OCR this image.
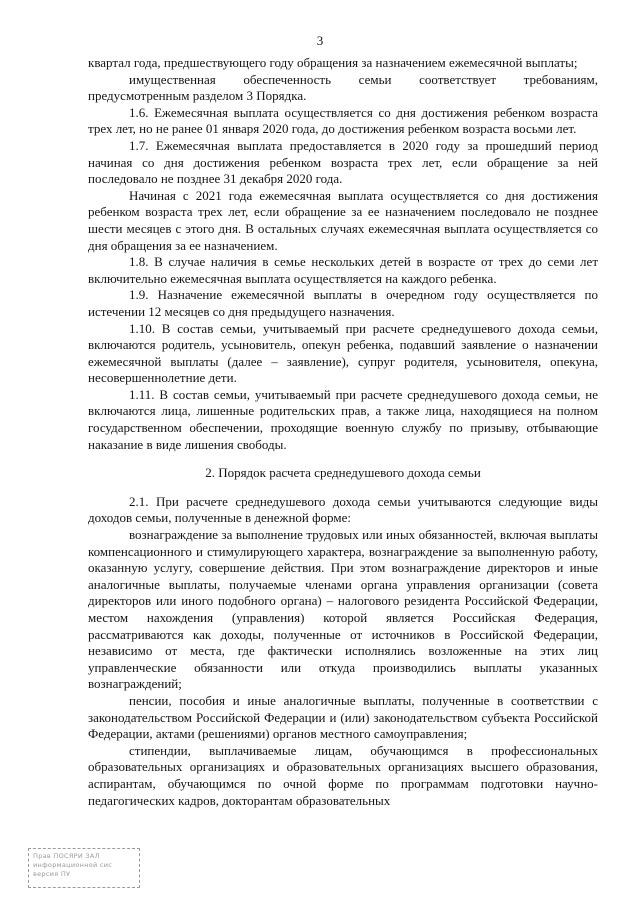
3

квартал года, предшествующего году обращения за назначением ежемесячной выплаты;

имущественная обеспеченность семьи соответствует требованиям, предусмотренным разделом 3 Порядка.

1.6. Ежемесячная выплата осуществляется со дня достижения ребенком возраста трех лет, но не ранее 01 января 2020 года, до достижения ребенком возраста восьми лет.

1.7. Ежемесячная выплата предоставляется в 2020 году за прошедший период начиная со дня достижения ребенком возраста трех лет, если обращение за ней последовало не позднее 31 декабря 2020 года.

Начиная с 2021 года ежемесячная выплата осуществляется со дня достижения ребенком возраста трех лет, если обращение за ее назначением последовало не позднее шести месяцев с этого дня. В остальных случаях ежемесячная выплата осуществляется со дня обращения за ее назначением.

1.8. В случае наличия в семье нескольких детей в возрасте от трех до семи лет включительно ежемесячная выплата осуществляется на каждого ребенка.

1.9. Назначение ежемесячной выплаты в очередном году осуществляется по истечении 12 месяцев со дня предыдущего назначения.

1.10. В состав семьи, учитываемый при расчете среднедушевого дохода семьи, включаются родитель, усыновитель, опекун ребенка, подавший заявление о назначении ежемесячной выплаты (далее – заявление), супруг родителя, усыновителя, опекуна, несовершеннолетние дети.

1.11. В состав семьи, учитываемый при расчете среднедушевого дохода семьи, не включаются лица, лишенные родительских прав, а также лица, находящиеся на полном государственном обеспечении, проходящие военную службу по призыву, отбывающие наказание в виде лишения свободы.

2. Порядок расчета среднедушевого дохода семьи

2.1. При расчете среднедушевого дохода семьи учитываются следующие виды доходов семьи, полученные в денежной форме:

вознаграждение за выполнение трудовых или иных обязанностей, включая выплаты компенсационного и стимулирующего характера, вознаграждение за выполненную работу, оказанную услугу, совершение действия. При этом вознаграждение директоров и иные аналогичные выплаты, получаемые членами органа управления организации (совета директоров или иного подобного органа) – налогового резидента Российской Федерации, местом нахождения (управления) которой является Российская Федерация, рассматриваются как доходы, полученные от источников в Российской Федерации, независимо от места, где фактически исполнялись возложенные на этих лиц управленческие обязанности или откуда производились выплаты указанных вознаграждений;

пенсии, пособия и иные аналогичные выплаты, полученные в соответствии с законодательством Российской Федерации и (или) законодательством субъекта Российской Федерации, актами (решениями) органов местного самоуправления;

стипендии, выплачиваемые лицам, обучающимся в профессиональных образовательных организациях и образовательных организациях высшего образования, аспирантам, обучающимся по очной форме по программам подготовки научно-педагогических кадров, докторантам образовательных

Прав ПОСЯРИ ЗАЛ
информационной сис
версия ПУ
